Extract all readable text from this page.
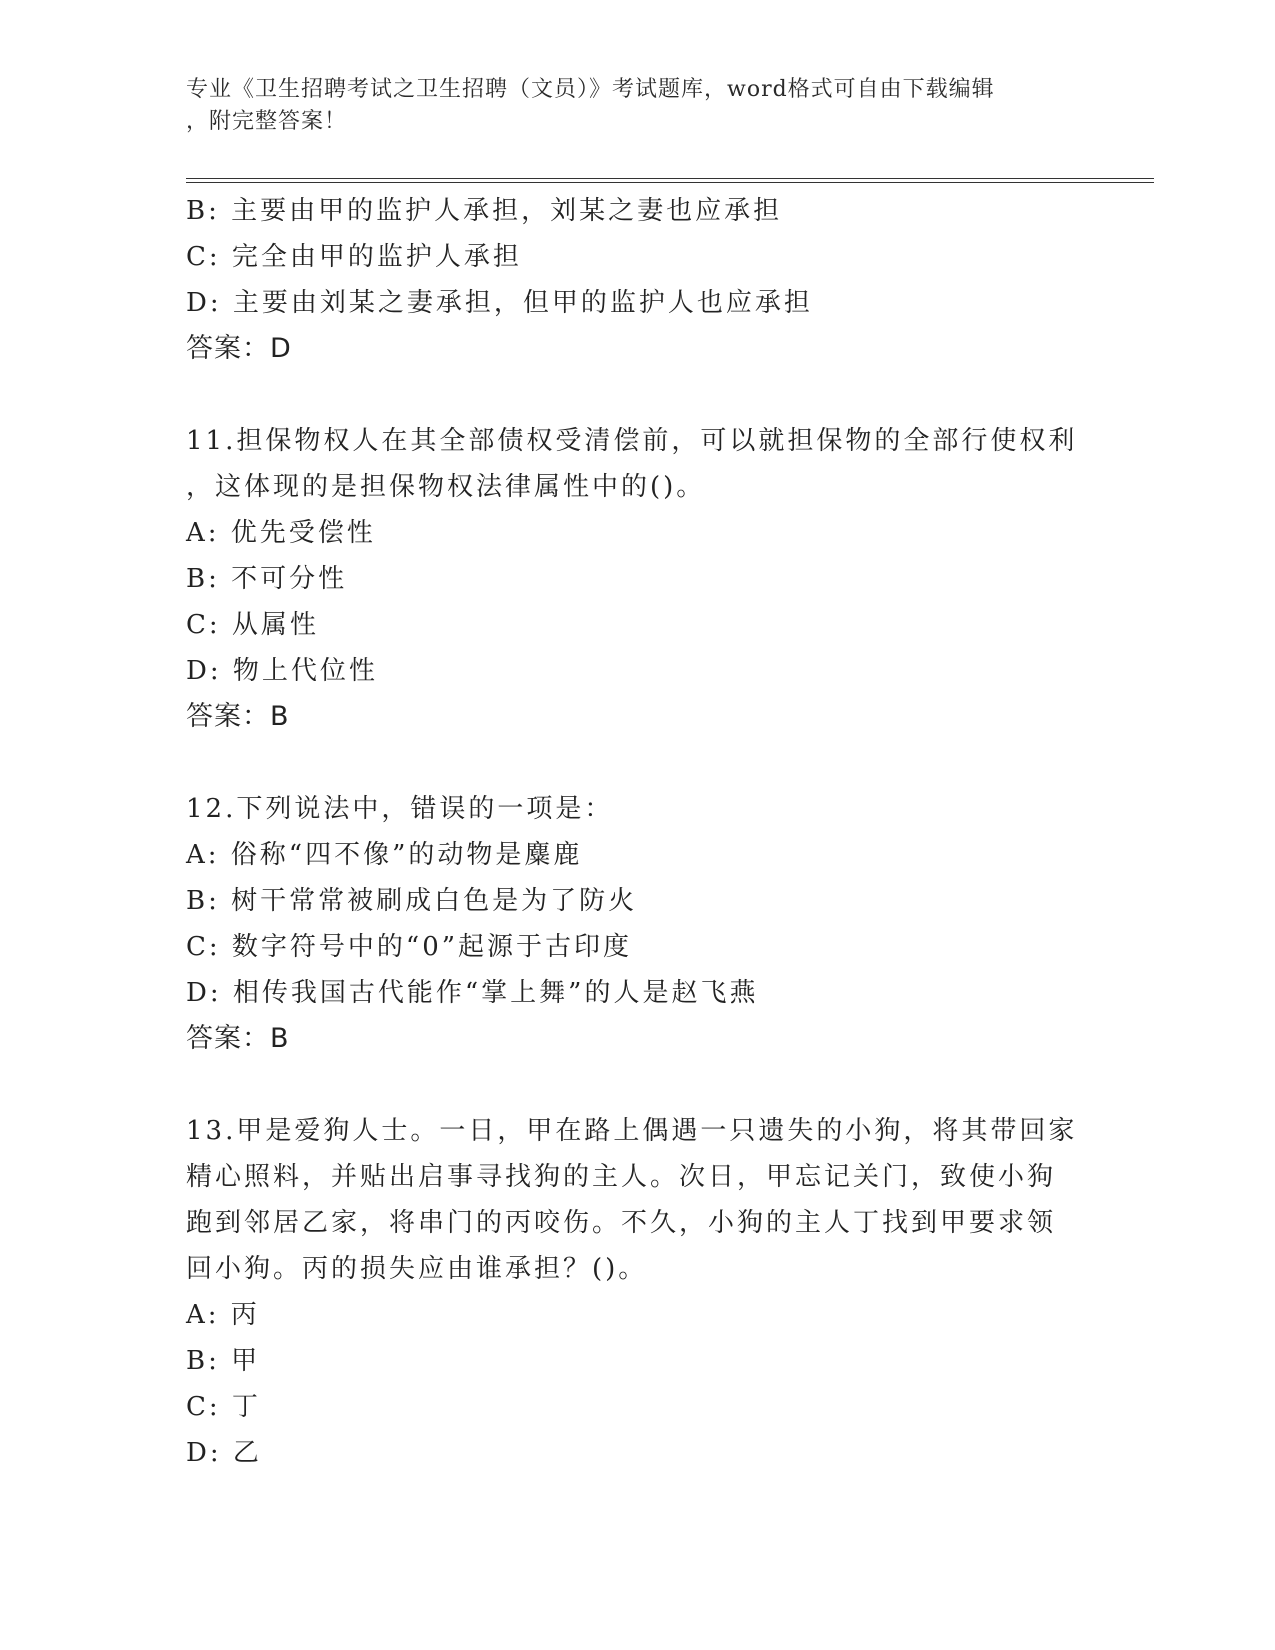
专业《卫生招聘考试之卫生招聘（文员）》考试题库，word格式可自由下载编辑
，附完整答案！
B: 主要由甲的监护人承担，刘某之妻也应承担
C: 完全由甲的监护人承担
D: 主要由刘某之妻承担，但甲的监护人也应承担
答案：D
11.担保物权人在其全部债权受清偿前，可以就担保物的全部行使权利
，这体现的是担保物权法律属性中的()。
A: 优先受偿性
B: 不可分性
C: 从属性
D: 物上代位性
答案：B
12.下列说法中，错误的一项是：
A: 俗称“四不像”的动物是麋鹿
B: 树干常常被刷成白色是为了防火
C: 数字符号中的“0”起源于古印度
D: 相传我国古代能作“掌上舞”的人是赵飞燕
答案：B
13.甲是爱狗人士。一日，甲在路上偶遇一只遗失的小狗，将其带回家
精心照料，并贴出启事寻找狗的主人。次日，甲忘记关门，致使小狗
跑到邻居乙家，将串门的丙咬伤。不久，小狗的主人丁找到甲要求领
回小狗。丙的损失应由谁承担？()。
A: 丙
B: 甲
C: 丁
D: 乙
